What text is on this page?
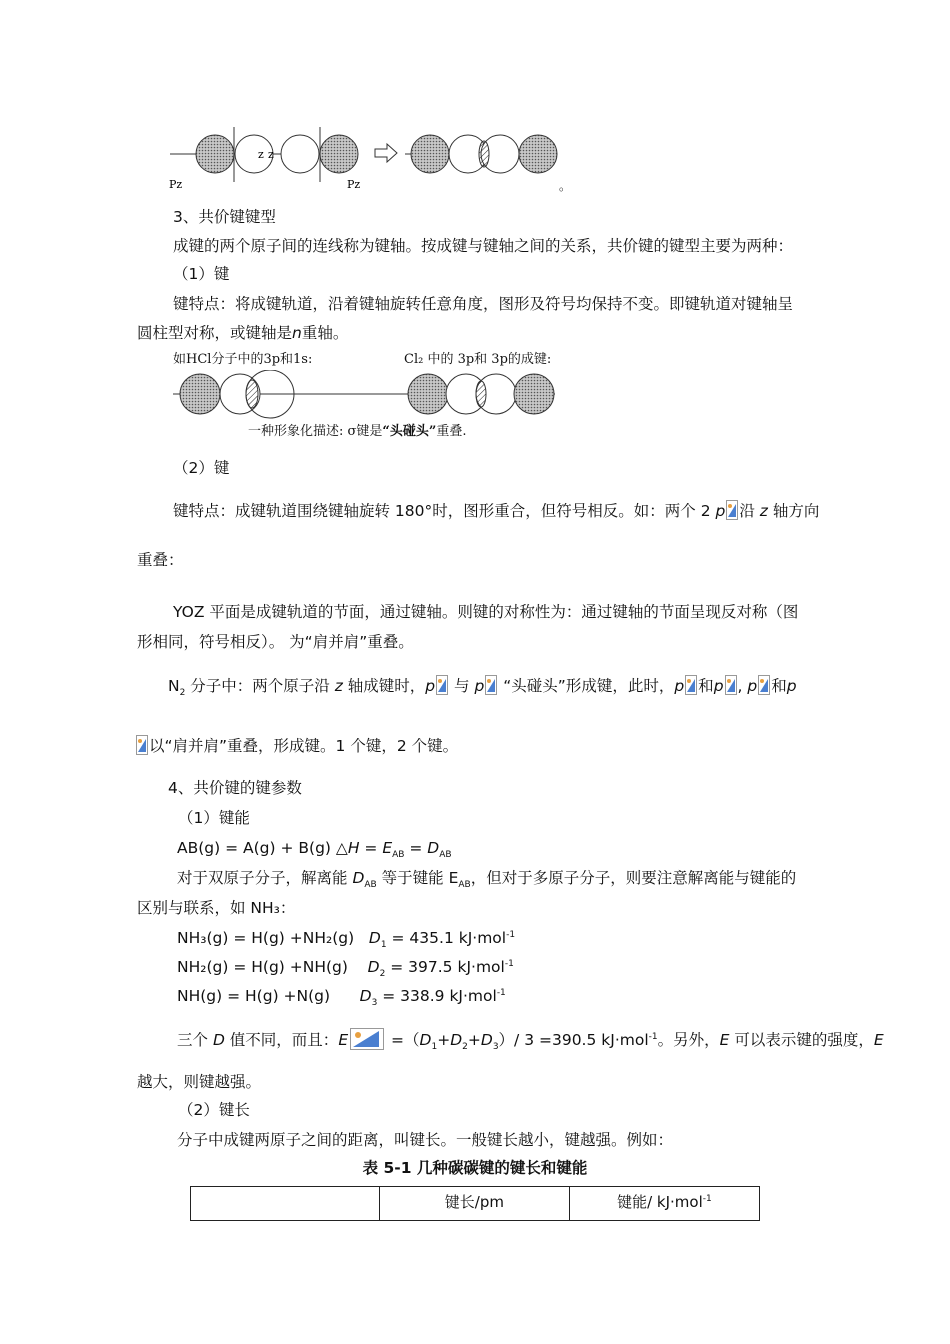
z z
Pz	Pz	。
3、共价键键型
成键的两个原子间的连线称为键轴。按成键与键轴之间的关系，共价键的键型主要为两种：
（1）键
键特点：将成键轨道，沿着键轴旋转任意角度，图形及符号均保持不变。即键轨道对键轴呈
圆柱型对称，或键轴是n重轴。
如HCl分子中的3p和1s:	Cl₂ 中的 3p和 3p的成键:
一种形象化描述: σ键是“头碰头”重叠.
（2）键
键特点：成键轨道围绕键轴旋转 180°时，图形重合，但符号相反。如：两个 2 p 沿 z 轴方向
重叠：
YOZ 平面是成键轨道的节面，通过键轴。则键的对称性为：通过键轴的节面呈现反对称（图
形相同，符号相反）。 为“肩并肩”重叠。
$N_2$ 分子中：两个原子沿 z 轴成键时，p 与 p “头碰头”形成键，此时，p 和p , p 和p
以“肩并肩”重叠，形成键。1 个键，2 个键。
4、共价键的键参数
（1）键能
AB(g) = A(g) + B(g) △H = $E_{AB} = D_{AB}$
对于双原子分子，解离能 $D_{AB}$ 等于键能 $E_{AB}$，但对于多原子分子，则要注意解离能与键能的
区别与联系，如 NH₃：
NH₃(g) = H(g) +NH₂(g) $D_1 = 435.1$ kJ·mol$^{-1}$
NH₂(g) = H(g) +NH(g) $D_2 = 397.5$ kJ·mol$^{-1}$
NH(g) = H(g) +N(g) $D_3 = 338.9$ kJ·mol$^{-1}$
三个 D 值不同，而且：$E =(D_1+D_2+D_3)/$ 3 =390.5 kJ·mol$^{-1}$。另外，E 可以表示键的强度，E
越大，则键越强。
（2）键长
分子中成键两原子之间的距离，叫键长。一般键长越小，键越强。例如：
表 5-1 几种碳碳键的键长和键能
	键长/pm	键能/ kJ·mol$^{-1}$
